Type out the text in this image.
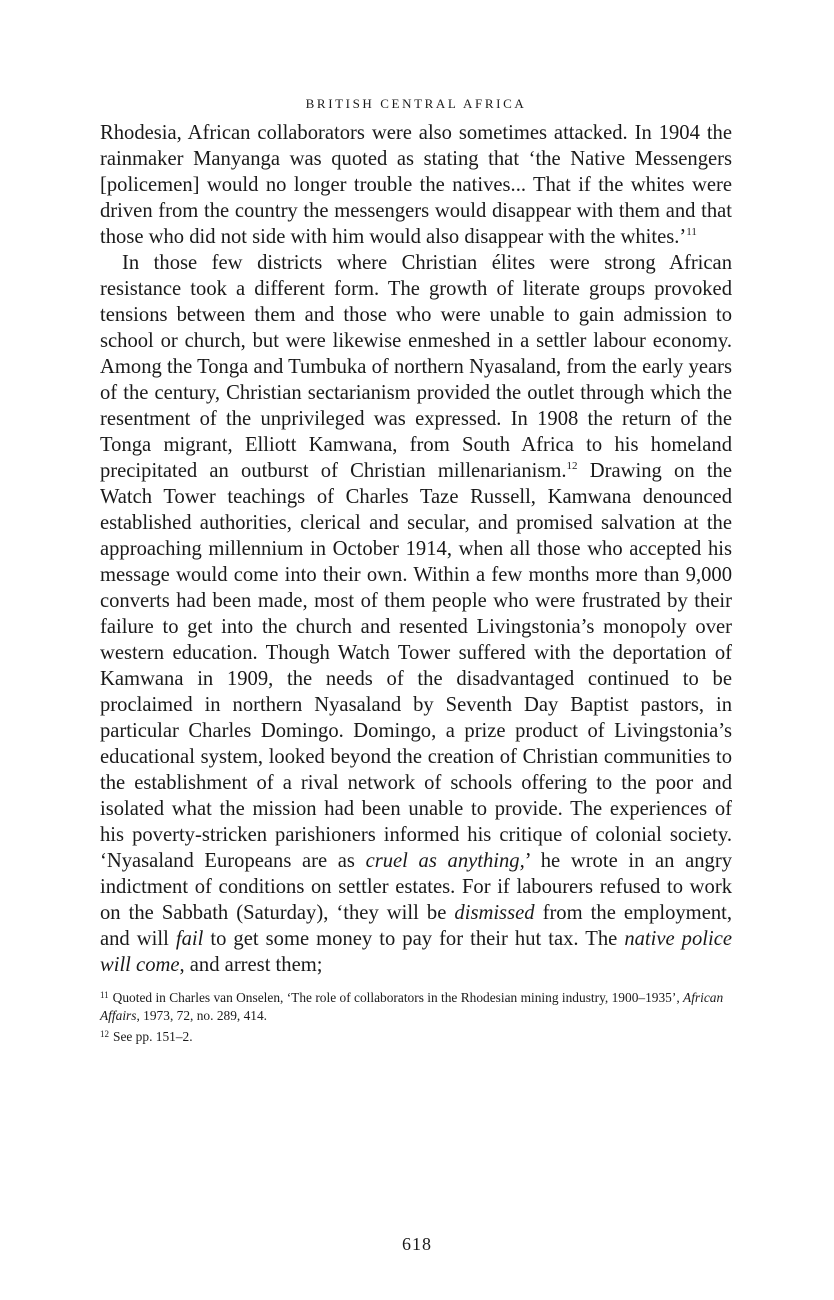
BRITISH CENTRAL AFRICA

Rhodesia, African collaborators were also sometimes attacked. In 1904 the rainmaker Manyanga was quoted as stating that ‘the Native Messengers [policemen] would no longer trouble the natives... That if the whites were driven from the country the messengers would disappear with them and that those who did not side with him would also disappear with the whites.’$^{11}$

In those few districts where Christian élites were strong African resistance took a different form. The growth of literate groups provoked tensions between them and those who were unable to gain admission to school or church, but were likewise enmeshed in a settler labour economy. Among the Tonga and Tumbuka of northern Nyasaland, from the early years of the century, Christian sectarianism provided the outlet through which the resentment of the unprivileged was expressed. In 1908 the return of the Tonga migrant, Elliott Kamwana, from South Africa to his homeland precipitated an outburst of Christian millenarianism.$^{12}$ Drawing on the Watch Tower teachings of Charles Taze Russell, Kamwana denounced established authorities, clerical and secular, and promised salvation at the approaching millennium in October 1914, when all those who accepted his message would come into their own. Within a few months more than 9,000 converts had been made, most of them people who were frustrated by their failure to get into the church and resented Livingstonia’s monopoly over western education. Though Watch Tower suffered with the deportation of Kamwana in 1909, the needs of the disadvantaged continued to be proclaimed in northern Nyasaland by Seventh Day Baptist pastors, in particular Charles Domingo. Domingo, a prize product of Livingstonia’s educational system, looked beyond the creation of Christian communities to the establishment of a rival network of schools offering to the poor and isolated what the mission had been unable to provide. The experiences of his poverty-stricken parishioners informed his critique of colonial society. ‘Nyasaland Europeans are as cruel as anything,’ he wrote in an angry indictment of conditions on settler estates. For if labourers refused to work on the Sabbath (Saturday), ‘they will be dismissed from the employment, and will fail to get some money to pay for their hut tax. The native police will come, and arrest them;

$^{11}$ Quoted in Charles van Onselen, ‘The role of collaborators in the Rhodesian mining industry, 1900–1935’, African Affairs, 1973, 72, no. 289, 414.

$^{12}$ See pp. 151–2.

618
